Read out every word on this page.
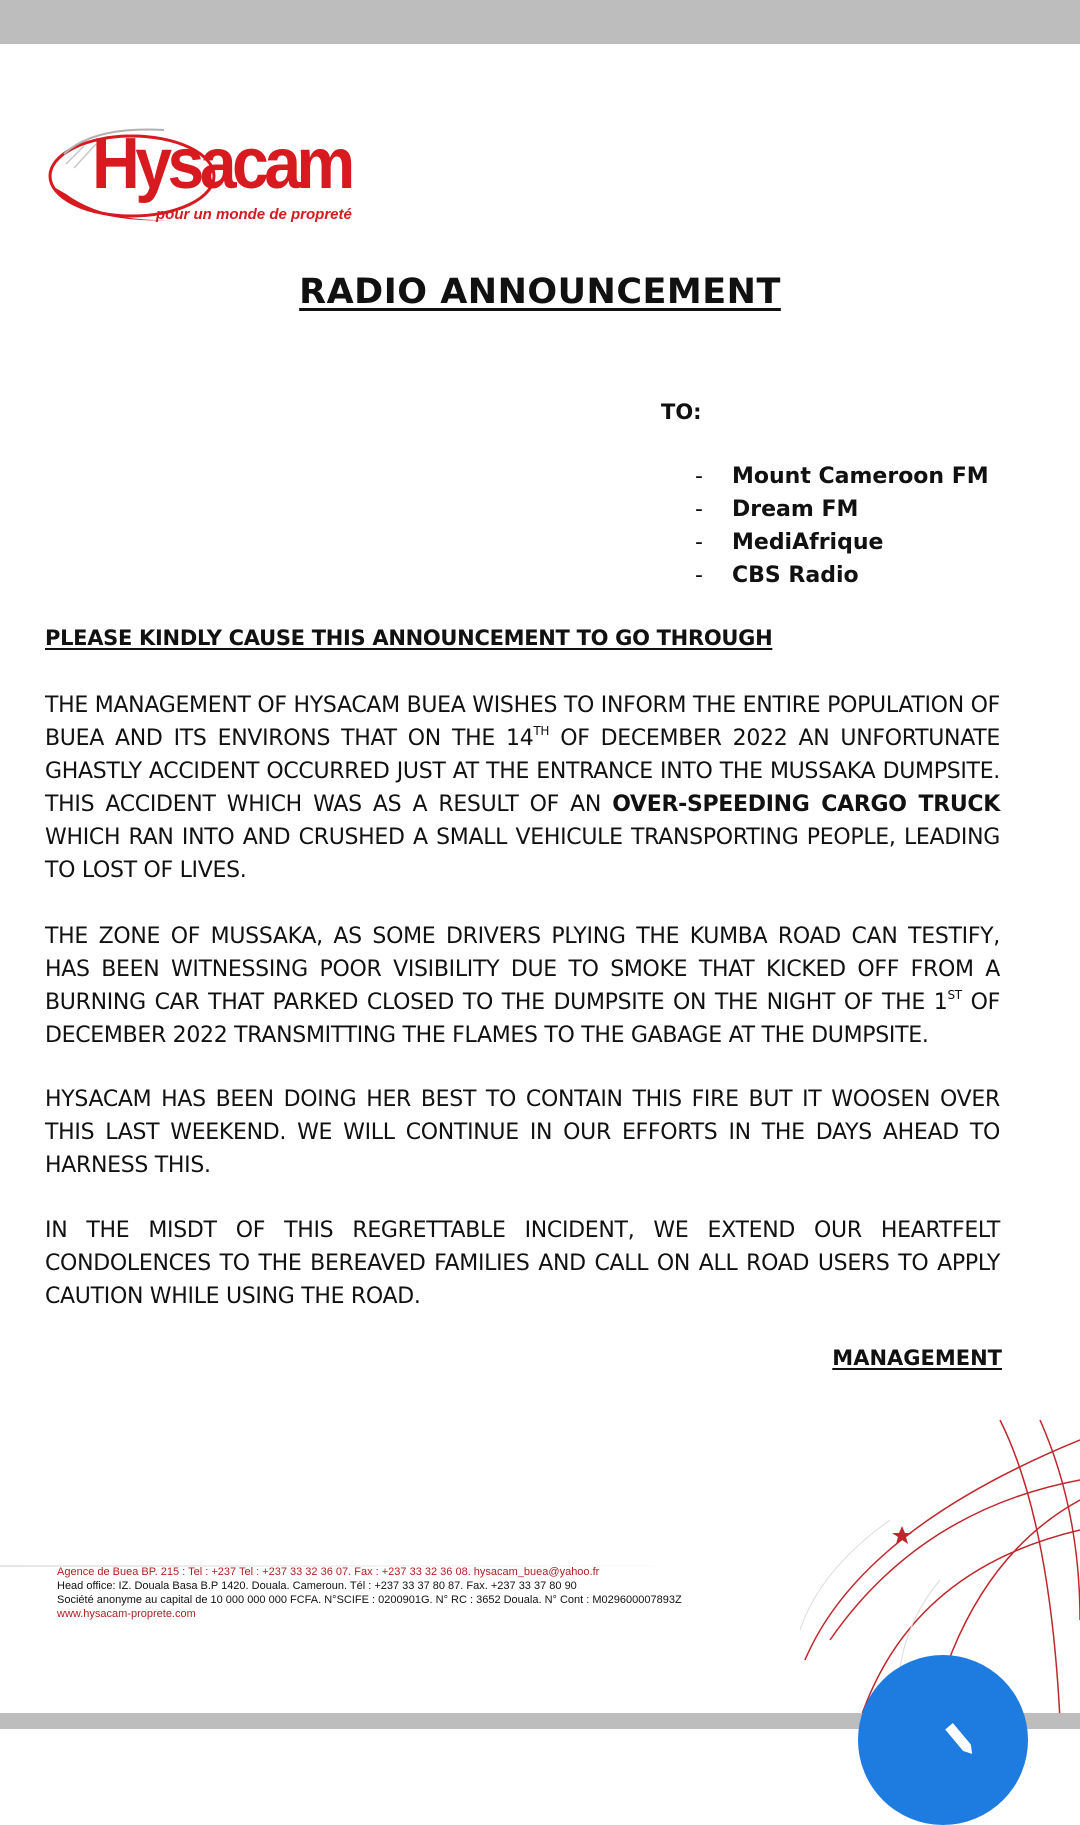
Hysacam
pour un monde de propreté
RADIO ANNOUNCEMENT
TO:
- Mount Cameroon FM
- Dream FM
- MediAfrique
- CBS Radio
PLEASE KINDLY CAUSE THIS ANNOUNCEMENT TO GO THROUGH

THE MANAGEMENT OF HYSACAM BUEA WISHES TO INFORM THE ENTIRE POPULATION OF BUEA AND ITS ENVIRONS THAT ON THE 14TH OF DECEMBER 2022 AN UNFORTUNATE GHASTLY ACCIDENT OCCURRED JUST AT THE ENTRANCE INTO THE MUSSAKA DUMPSITE. THIS ACCIDENT WHICH WAS AS A RESULT OF AN OVER-SPEEDING CARGO TRUCK WHICH RAN INTO AND CRUSHED A SMALL VEHICULE TRANSPORTING PEOPLE, LEADING TO LOST OF LIVES.

THE ZONE OF MUSSAKA, AS SOME DRIVERS PLYING THE KUMBA ROAD CAN TESTIFY, HAS BEEN WITNESSING POOR VISIBILITY DUE TO SMOKE THAT KICKED OFF FROM A BURNING CAR THAT PARKED CLOSED TO THE DUMPSITE ON THE NIGHT OF THE 1ST OF DECEMBER 2022 TRANSMITTING THE FLAMES TO THE GABAGE AT THE DUMPSITE.

HYSACAM HAS BEEN DOING HER BEST TO CONTAIN THIS FIRE BUT IT WOOSEN OVER THIS LAST WEEKEND. WE WILL CONTINUE IN OUR EFFORTS IN THE DAYS AHEAD TO HARNESS THIS.

IN THE MISDT OF THIS REGRETTABLE INCIDENT, WE EXTEND OUR HEARTFELT CONDOLENCES TO THE BEREAVED FAMILIES AND CALL ON ALL ROAD USERS TO APPLY CAUTION WHILE USING THE ROAD.

MANAGEMENT
Agence de Buea BP. 215 : Tel : +237 Tel : +237 33 32 36 07. Fax : +237 33 32 36 08. hysacam_buea@yahoo.fr
Head office: IZ. Douala Basa B.P 1420. Douala. Cameroun. Tél : +237 33 37 80 87. Fax. +237 33 37 80 90
Société anonyme au capital de 10 000 000 000 FCFA. N°SCIFE : 0200901G. N° RC : 3652 Douala. N° Cont : M029600007893Z
www.hysacam-proprete.com
